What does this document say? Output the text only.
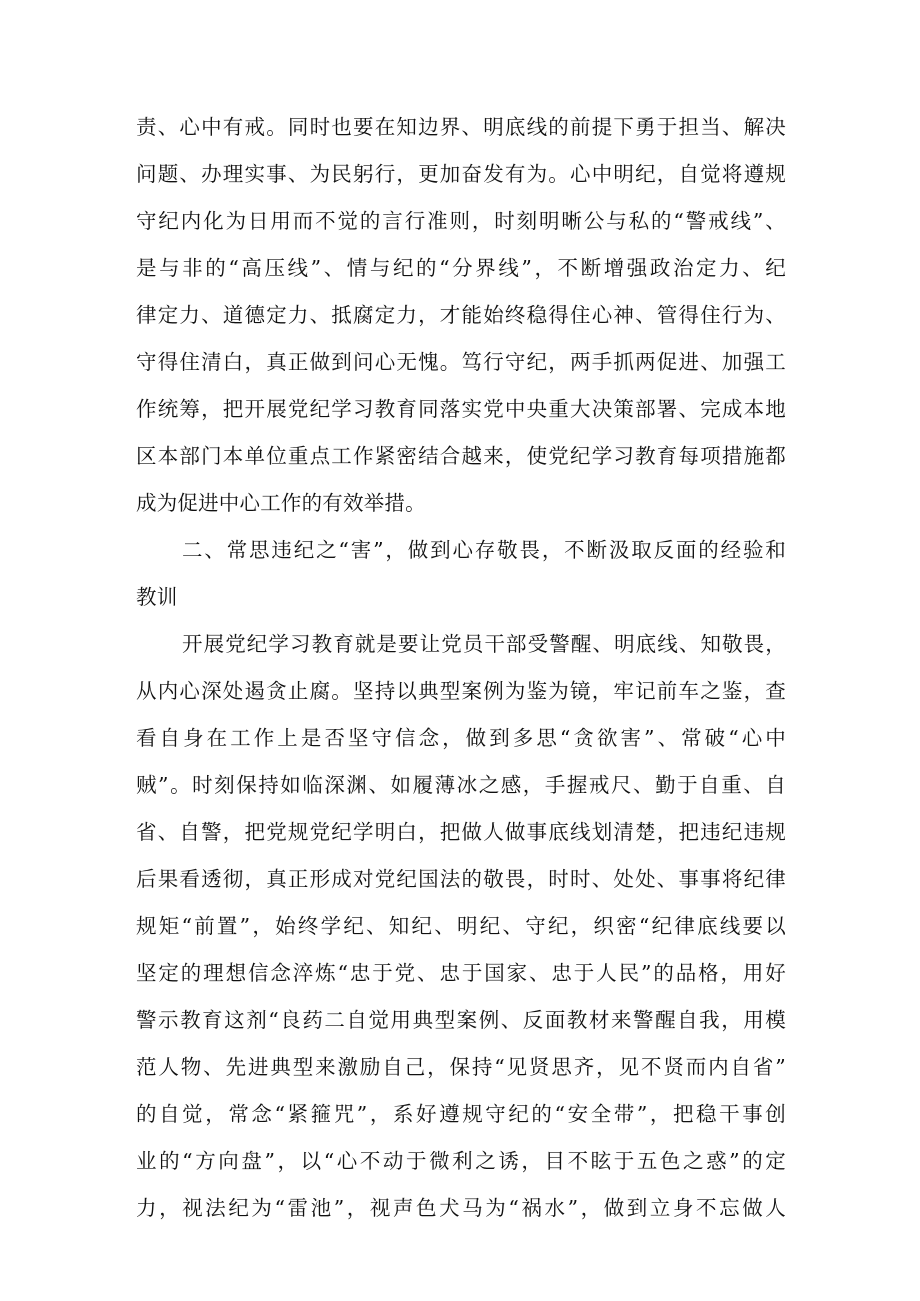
责、心中有戒。同时也要在知边界、明底线的前提下勇于担当、解决
问题、办理实事、为民躬行，更加奋发有为。心中明纪，自觉将遵规
守纪内化为日用而不觉的言行准则，时刻明晰公与私的“警戒线”、
是与非的“高压线”、情与纪的“分界线”，不断增强政治定力、纪
律定力、道德定力、抵腐定力，才能始终稳得住心神、管得住行为、
守得住清白，真正做到问心无愧。笃行守纪，两手抓两促进、加强工
作统筹，把开展党纪学习教育同落实党中央重大决策部署、完成本地
区本部门本单位重点工作紧密结合越来，使党纪学习教育每项措施都
成为促进中心工作的有效举措。
二、常思违纪之“害”，做到心存敬畏，不断汲取反面的经验和
教训
开展党纪学习教育就是要让党员干部受警醒、明底线、知敬畏，
从内心深处遏贪止腐。坚持以典型案例为鉴为镜，牢记前车之鉴，查
看自身在工作上是否坚守信念，做到多思“贪欲害”、常破“心中
贼”。时刻保持如临深渊、如履薄冰之感，手握戒尺、勤于自重、自
省、自警，把党规党纪学明白，把做人做事底线划清楚，把违纪违规
后果看透彻，真正形成对党纪国法的敬畏，时时、处处、事事将纪律
规矩“前置”，始终学纪、知纪、明纪、守纪，织密“纪律底线要以
坚定的理想信念淬炼“忠于党、忠于国家、忠于人民”的品格，用好
警示教育这剂“良药二自觉用典型案例、反面教材来警醒自我，用模
范人物、先进典型来激励自己，保持“见贤思齐，见不贤而内自省”
的自觉，常念“紧箍咒”，系好遵规守纪的“安全带”，把稳干事创
业的“方向盘”，以“心不动于微利之诱，目不眩于五色之惑”的定
力，视法纪为“雷池”，视声色犬马为“祸水”，做到立身不忘做人
